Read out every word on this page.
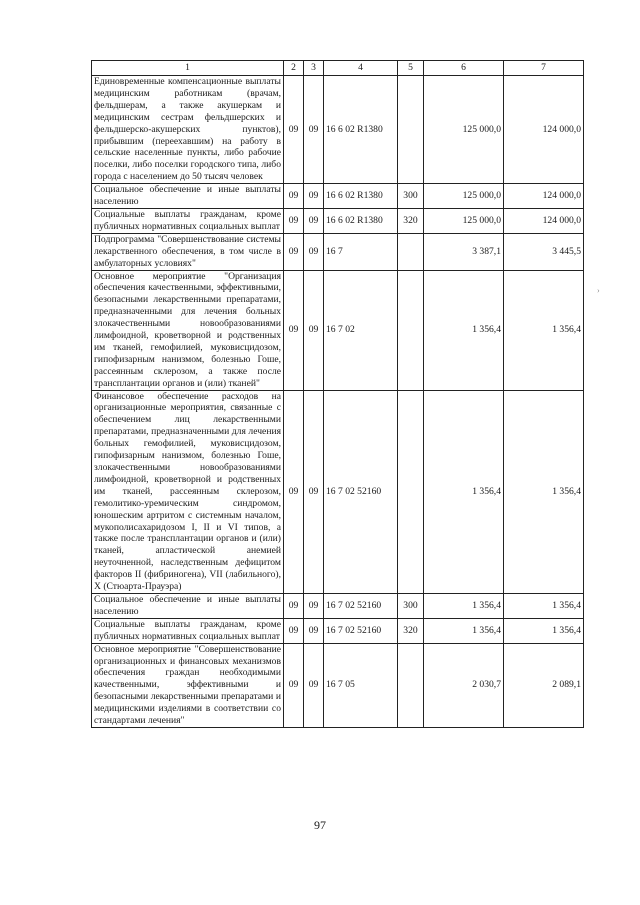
1	2	3	4	5	6	7
Единовременные компенсационные выплаты медицинским работникам (врачам, фельдшерам, а также акушеркам и медицинским сестрам фельдшерских и фельдшерско-акушерских пунктов), прибывшим (переехавшим) на работу в сельские населенные пункты, либо рабочие поселки, либо поселки городского типа, либо города с населением до 50 тысяч человек	09	09	16 6 02 R1380		125 000,0	124 000,0
Социальное обеспечение и иные выплаты населению	09	09	16 6 02 R1380	300	125 000,0	124 000,0
Социальные выплаты гражданам, кроме публичных нормативных социальных выплат	09	09	16 6 02 R1380	320	125 000,0	124 000,0
Подпрограмма "Совершенствование системы лекарственного обеспечения, в том числе в амбулаторных условиях"	09	09	16 7		3 387,1	3 445,5
Основное мероприятие "Организация обеспечения качественными, эффективными, безопасными лекарственными препаратами, предназначенными для лечения больных злокачественными новообразованиями лимфоидной, кроветворной и родственных им тканей, гемофилией, муковисцидозом, гипофизарным нанизмом, болезнью Гоше, рассеянным склерозом, а также после трансплантации органов и (или) тканей"	09	09	16 7 02		1 356,4	1 356,4
Финансовое обеспечение расходов на организационные мероприятия, связанные с обеспечением лиц лекарственными препаратами, предназначенными для лечения больных гемофилией, муковисцидозом, гипофизарным нанизмом, болезнью Гоше, злокачественными новообразованиями лимфоидной, кроветворной и родственных им тканей, рассеянным склерозом, гемолитико-уремическим синдромом, юношеским артритом с системным началом, мукополисахаридозом I, II и VI типов, а также после трансплантации органов и (или) тканей, апластической анемией неуточненной, наследственным дефицитом факторов II (фибриногена), VII (лабильного), X (Стюарта-Прауэра)	09	09	16 7 02 52160		1 356,4	1 356,4
Социальное обеспечение и иные выплаты населению	09	09	16 7 02 52160	300	1 356,4	1 356,4
Социальные выплаты гражданам, кроме публичных нормативных социальных выплат	09	09	16 7 02 52160	320	1 356,4	1 356,4
Основное мероприятие "Совершенствование организационных и финансовых механизмов обеспечения граждан необходимыми качественными, эффективными и безопасными лекарственными препаратами и медицинскими изделиями в соответствии со стандартами лечения"	09	09	16 7 05		2 030,7	2 089,1
›
97
